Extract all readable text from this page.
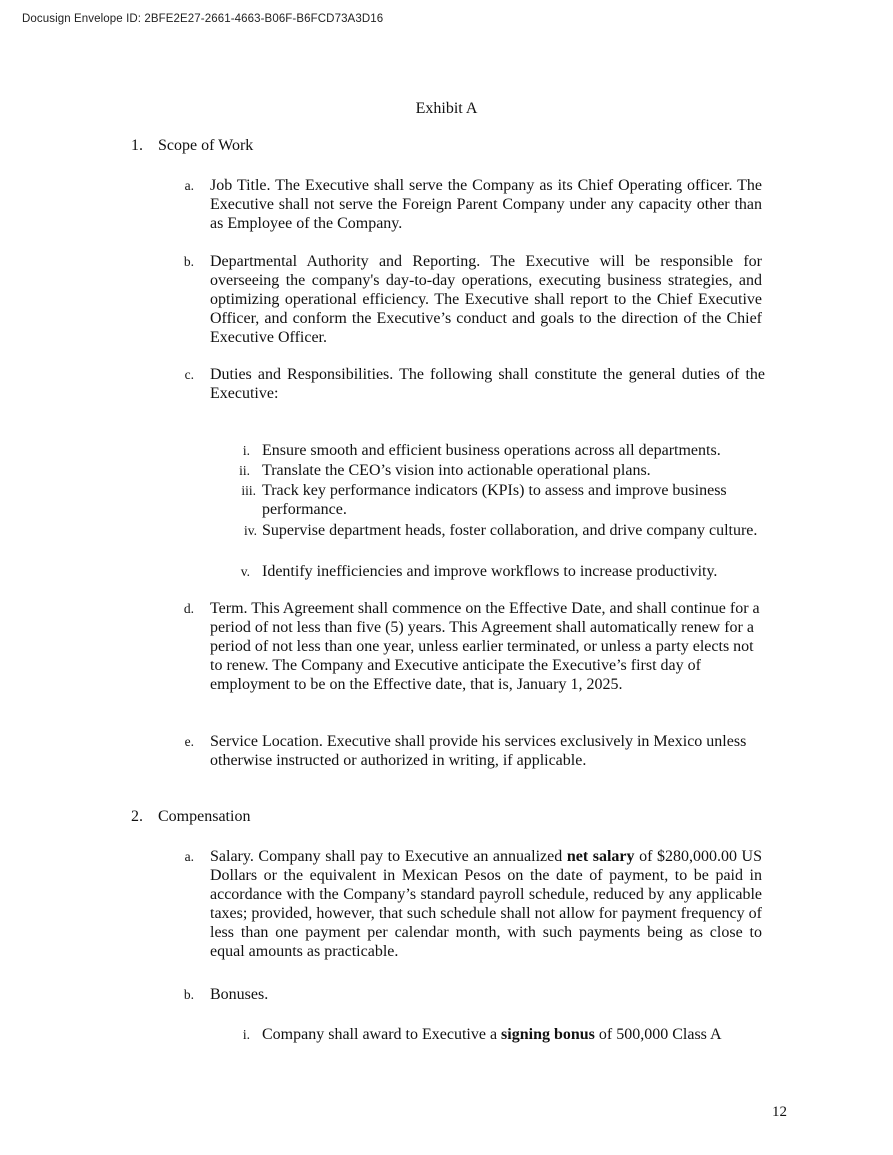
Docusign Envelope ID: 2BFE2E27-2661-4663-B06F-B6FCD73A3D16
Exhibit A
1. Scope of Work
a. Job Title. The Executive shall serve the Company as its Chief Operating officer. The Executive shall not serve the Foreign Parent Company under any capacity other than as Employee of the Company.
b. Departmental Authority and Reporting. The Executive will be responsible for overseeing the company's day-to-day operations, executing business strategies, and optimizing operational efficiency. The Executive shall report to the Chief Executive Officer, and conform the Executive’s conduct and goals to the direction of the Chief Executive Officer.
c. Duties and Responsibilities. The following shall constitute the general duties of the Executive:
i. Ensure smooth and efficient business operations across all departments.
ii. Translate the CEO’s vision into actionable operational plans.
iii. Track key performance indicators (KPIs) to assess and improve business performance.
iv. Supervise department heads, foster collaboration, and drive company culture.
v. Identify inefficiencies and improve workflows to increase productivity.
d. Term. This Agreement shall commence on the Effective Date, and shall continue for a period of not less than five (5) years. This Agreement shall automatically renew for a period of not less than one year, unless earlier terminated, or unless a party elects not to renew. The Company and Executive anticipate the Executive’s first day of employment to be on the Effective date, that is, January 1, 2025.
e. Service Location. Executive shall provide his services exclusively in Mexico unless otherwise instructed or authorized in writing, if applicable.
2. Compensation
a. Salary. Company shall pay to Executive an annualized net salary of $280,000.00 US Dollars or the equivalent in Mexican Pesos on the date of payment, to be paid in accordance with the Company’s standard payroll schedule, reduced by any applicable taxes; provided, however, that such schedule shall not allow for payment frequency of less than one payment per calendar month, with such payments being as close to equal amounts as practicable.
b. Bonuses.
i. Company shall award to Executive a signing bonus of 500,000 Class A
12
